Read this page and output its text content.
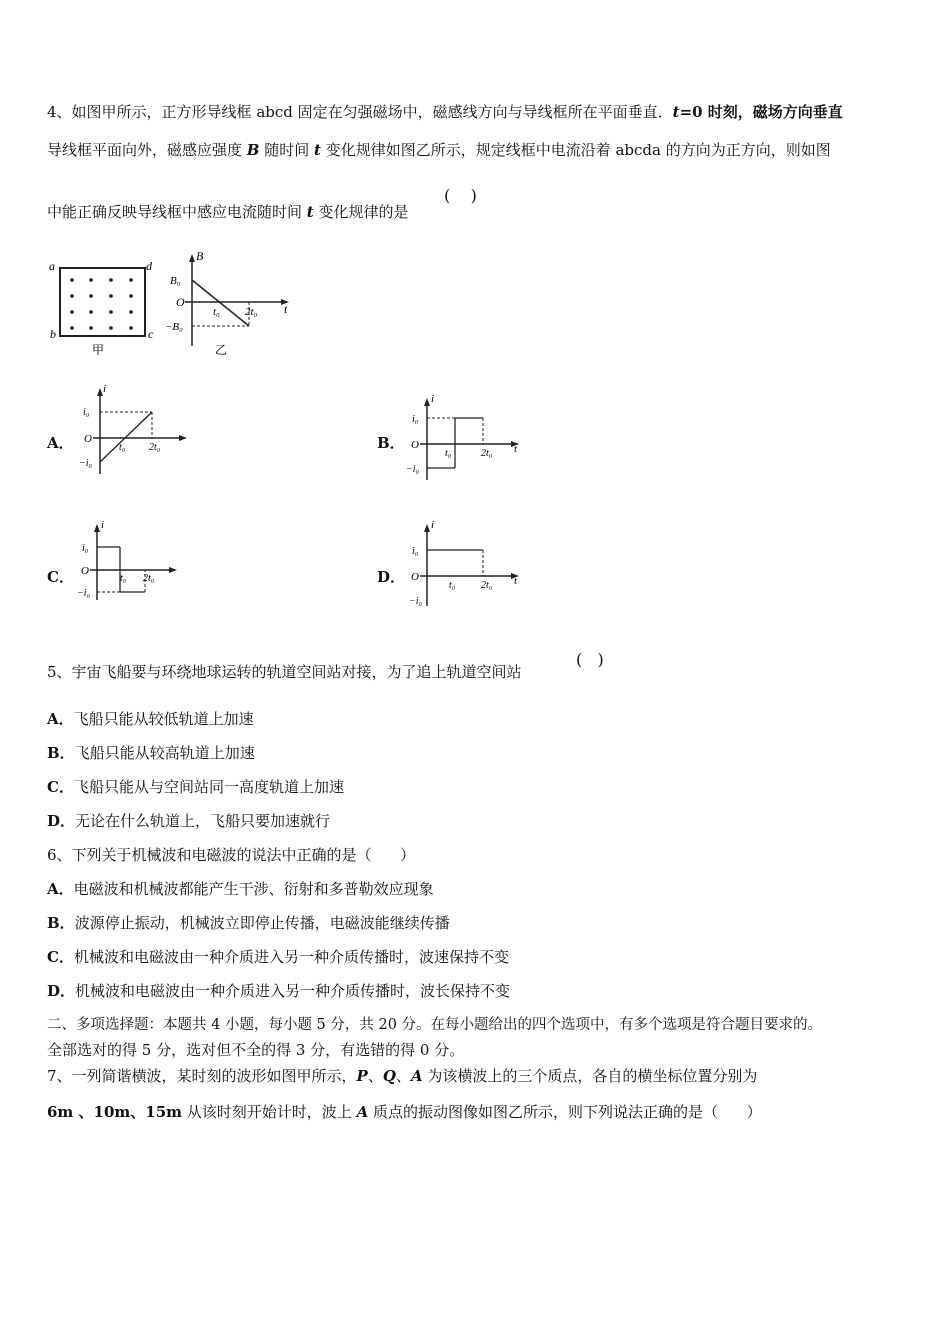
4、如图甲所示，正方形导线框 abcd 固定在匀强磁场中，磁感线方向与导线框所在平面垂直．t=0 时刻，磁场方向垂直
导线框平面向外，磁感应强度 B 随时间 t 变化规律如图乙所示，规定线框中电流沿着 abcda 的方向为正方向，则如图
中能正确反映导线框中感应电流随时间 t 变化规律的是
(    )
a
b	c
d
甲
B
t
B₀
O
−B₀
t₀ 2t₀
乙
A．
i
i₀
O
−i₀
t₀ 2t₀	B．
i
t
i₀
O
−i₀
t₀	2t₀
C．
i
i₀
O
−i₀
t₀ 2t₀	D．
i
t
i₀
O
−i₀
t₀	2t₀
5、宇宙飞船要与环绕地球运转的轨道空间站对接，为了追上轨道空间站
(   )
A．飞船只能从较低轨道上加速
B．飞船只能从较高轨道上加速
C．飞船只能从与空间站同一高度轨道上加速
D．无论在什么轨道上，飞船只要加速就行
6、下列关于机械波和电磁波的说法中正确的是（      ）
A．电磁波和机械波都能产生干涉、衍射和多普勒效应现象
B．波源停止振动，机械波立即停止传播，电磁波能继续传播
C．机械波和电磁波由一种介质进入另一种介质传播时，波速保持不变
D．机械波和电磁波由一种介质进入另一种介质传播时，波长保持不变
二、多项选择题：本题共 4 小题，每小题 5 分，共 20 分。在每小题给出的四个选项中，有多个选项是符合题目要求的。
全部选对的得 5 分，选对但不全的得 3 分，有选错的得 0 分。
7、一列简谐横波，某时刻的波形如图甲所示，P、Q、A 为该横波上的三个质点，各自的横坐标位置分别为
6m 、10m、15m 从该时刻开始计时，波上 A 质点的振动图像如图乙所示，则下列说法正确的是（      ）
